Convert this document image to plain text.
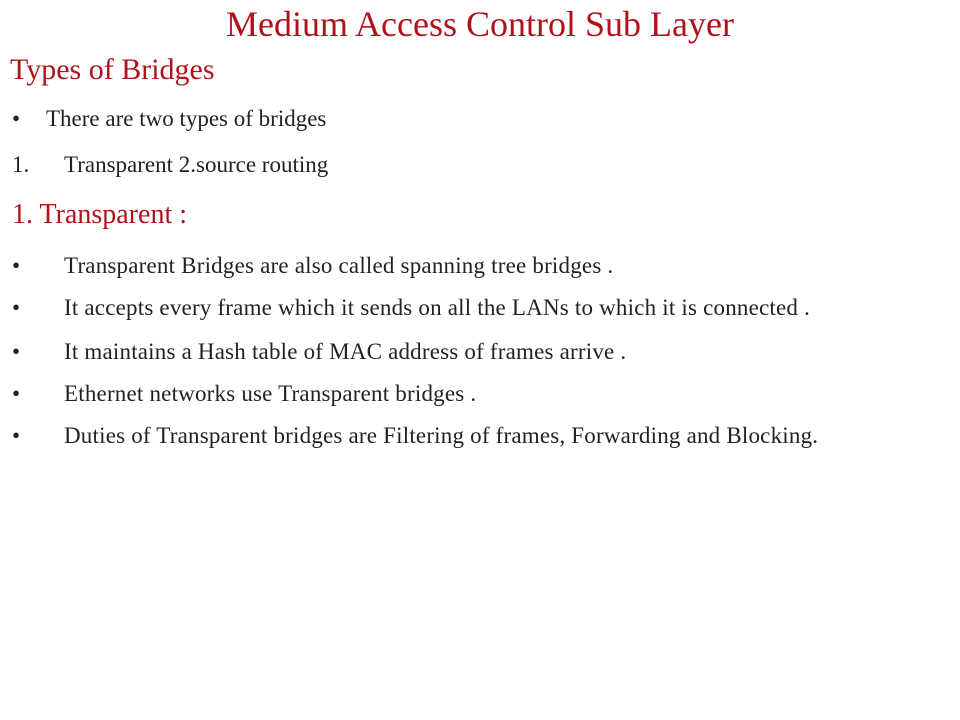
Medium Access Control Sub Layer
Types of Bridges
• There are two types of bridges
1. Transparent 2.source routing
1. Transparent :
• Transparent Bridges are also called spanning tree bridges .
• It accepts every frame which it sends on all the LANs to which it is connected .
• It maintains a Hash table of MAC address of frames arrive .
• Ethernet networks use Transparent bridges .
• Duties of Transparent bridges are Filtering of frames, Forwarding and Blocking.
